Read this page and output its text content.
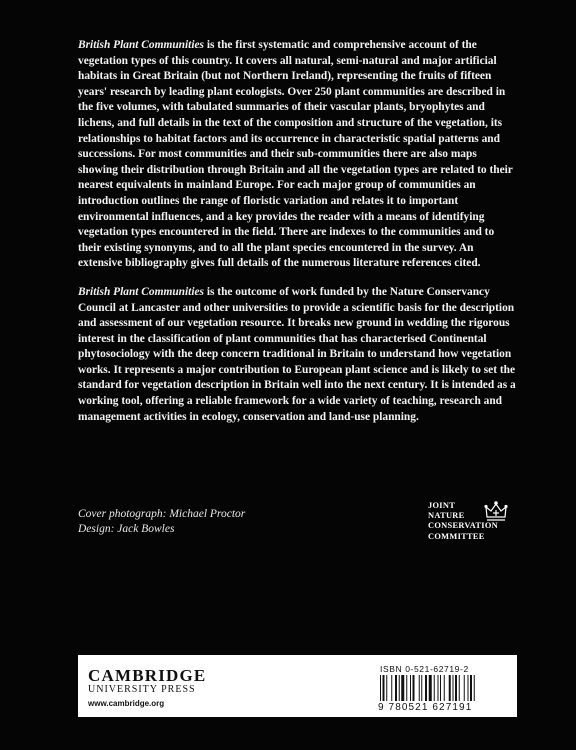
British Plant Communities is the first systematic and comprehensive account of the vegetation types of this country. It covers all natural, semi-natural and major artificial habitats in Great Britain (but not Northern Ireland), representing the fruits of fifteen years' research by leading plant ecologists. Over 250 plant communities are described in the five volumes, with tabulated summaries of their vascular plants, bryophytes and lichens, and full details in the text of the composition and structure of the vegetation, its relationships to habitat factors and its occurrence in characteristic spatial patterns and successions. For most communities and their sub-communities there are also maps showing their distribution through Britain and all the vegetation types are related to their nearest equivalents in mainland Europe. For each major group of communities an introduction outlines the range of floristic variation and relates it to important environmental influences, and a key provides the reader with a means of identifying vegetation types encountered in the field. There are indexes to the communities and to their existing synonyms, and to all the plant species encountered in the survey. An extensive bibliography gives full details of the numerous literature references cited.

British Plant Communities is the outcome of work funded by the Nature Conservancy Council at Lancaster and other universities to provide a scientific basis for the description and assessment of our vegetation resource. It breaks new ground in wedding the rigorous interest in the classification of plant communities that has characterised Continental phytosociology with the deep concern traditional in Britain to understand how vegetation works. It represents a major contribution to European plant science and is likely to set the standard for vegetation description in Britain well into the next century. It is intended as a working tool, offering a reliable framework for a wide variety of teaching, research and management activities in ecology, conservation and land-use planning.

Cover photograph: Michael Proctor
Design: Jack Bowles
JOINT
NATURE
CONSERVATION
COMMITTEE
CAMBRIDGE
UNIVERSITY PRESS
www.cambridge.org
ISBN 0-521-62719-2
9 780521 627191
